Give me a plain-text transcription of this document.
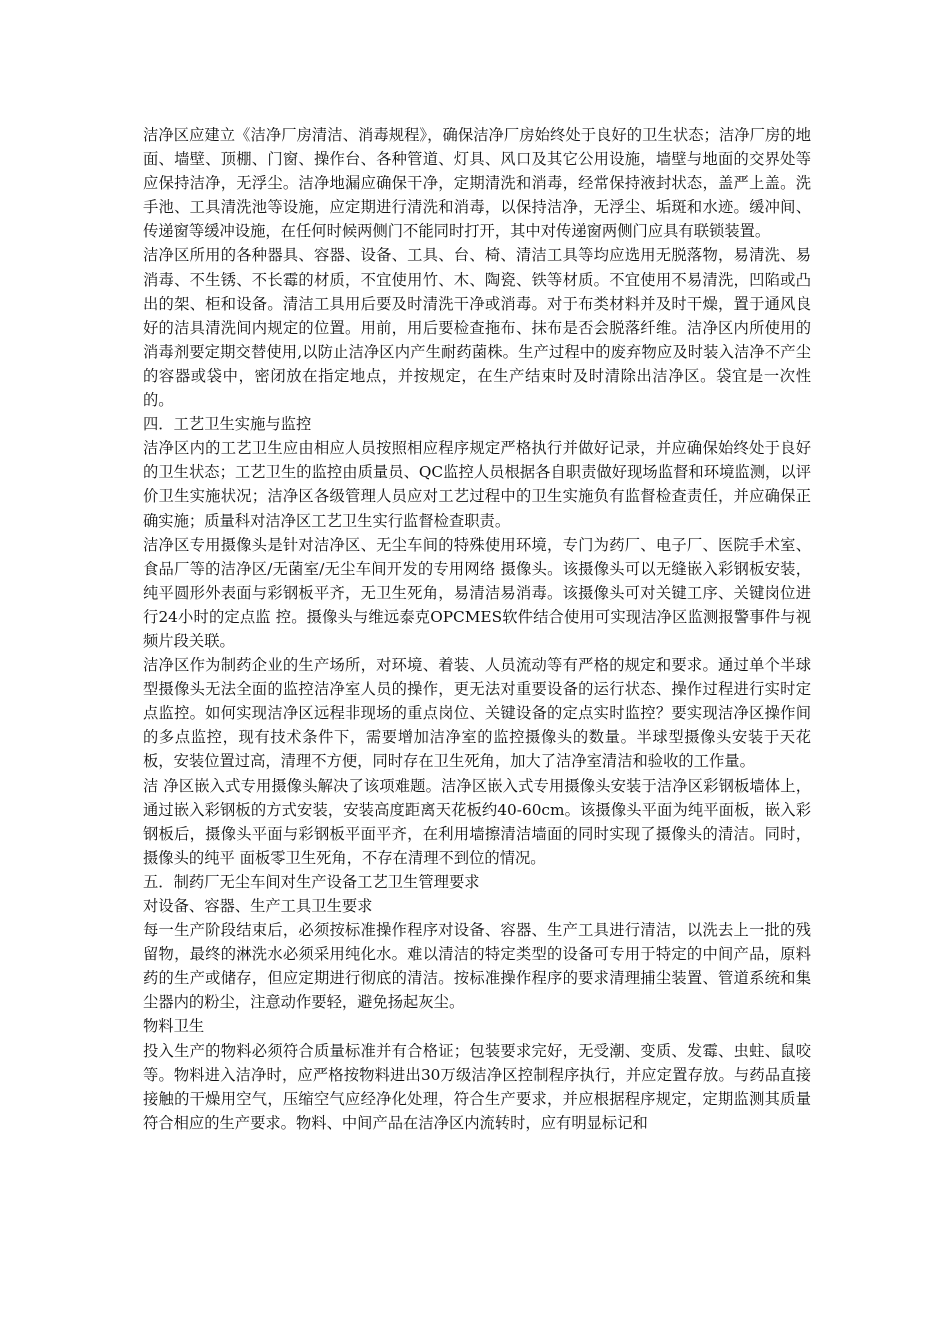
洁净区应建立《洁净厂房清洁、消毒规程》，确保洁净厂房始终处于良好的卫生状态；洁净厂房的地面、墙壁、顶棚、门窗、操作台、各种管道、灯具、风口及其它公用设施，墙壁与地面的交界处等应保持洁净，无浮尘。洁净地漏应确保干净，定期清洗和消毒，经常保持液封状态，盖严上盖。洗手池、工具清洗池等设施，应定期进行清洗和消毒，以保持洁净，无浮尘、垢斑和水迹。缓冲间、传递窗等缓冲设施，在任何时候两侧门不能同时打开，其中对传递窗两侧门应具有联锁装置。

洁净区所用的各种器具、容器、设备、工具、台、椅、清洁工具等均应选用无脱落物，易清洗、易消毒、不生锈、不长霉的材质，不宜使用竹、木、陶瓷、铁等材质。不宜使用不易清洗，凹陷或凸出的架、柜和设备。清洁工具用后要及时清洗干净或消毒。对于布类材料并及时干燥，置于通风良好的洁具清洗间内规定的位置。用前，用后要检查拖布、抹布是否会脱落纤维。洁净区内所使用的消毒剂要定期交替使用,以防止洁净区内产生耐药菌株。生产过程中的废弃物应及时装入洁净不产尘的容器或袋中，密闭放在指定地点，并按规定，在生产结束时及时清除出洁净区。袋宜是一次性的。

四．工艺卫生实施与监控

洁净区内的工艺卫生应由相应人员按照相应程序规定严格执行并做好记录，并应确保始终处于良好的卫生状态；工艺卫生的监控由质量员、QC监控人员根据各自职责做好现场监督和环境监测，以评价卫生实施状况；洁净区各级管理人员应对工艺过程中的卫生实施负有监督检查责任，并应确保正确实施；质量科对洁净区工艺卫生实行监督检查职责。

洁净区专用摄像头是针对洁净区、无尘车间的特殊使用环境，专门为药厂、电子厂、医院手术室、食品厂等的洁净区/无菌室/无尘车间开发的专用网络 摄像头。该摄像头可以无缝嵌入彩钢板安装，纯平圆形外表面与彩钢板平齐，无卫生死角，易清洁易消毒。该摄像头可对关键工序、关键岗位进行24小时的定点监 控。摄像头与维远泰克OPCMES软件结合使用可实现洁净区监测报警事件与视频片段关联。

洁净区作为制药企业的生产场所，对环境、着装、人员流动等有严格的规定和要求。通过单个半球型摄像头无法全面的监控洁净室人员的操作，更无法对重要设备的运行状态、操作过程进行实时定点监控。如何实现洁净区远程非现场的重点岗位、关键设备的定点实时监控？要实现洁净区操作间的多点监控，现有技术条件下，需要增加洁净室的监控摄像头的数量。半球型摄像头安装于天花板，安装位置过高，清理不方便，同时存在卫生死角，加大了洁净室清洁和验收的工作量。

洁 净区嵌入式专用摄像头解决了该项难题。洁净区嵌入式专用摄像头安装于洁净区彩钢板墙体上，通过嵌入彩钢板的方式安装，安装高度距离天花板约40-60cm。该摄像头平面为纯平面板，嵌入彩钢板后，摄像头平面与彩钢板平面平齐，在利用墙擦清洁墙面的同时实现了摄像头的清洁。同时，摄像头的纯平 面板零卫生死角，不存在清理不到位的情况。

五．制药厂无尘车间对生产设备工艺卫生管理要求

对设备、容器、生产工具卫生要求

每一生产阶段结束后，必须按标准操作程序对设备、容器、生产工具进行清洁，以洗去上一批的残留物，最终的淋洗水必须采用纯化水。难以清洁的特定类型的设备可专用于特定的中间产品，原料药的生产或储存，但应定期进行彻底的清洁。按标准操作程序的要求清理捕尘装置、管道系统和集尘器内的粉尘，注意动作要轻，避免扬起灰尘。

物料卫生

投入生产的物料必须符合质量标准并有合格证；包装要求完好，无受潮、变质、发霉、虫蛀、鼠咬等。物料进入洁净时，应严格按物料进出30万级洁净区控制程序执行，并应定置存放。与药品直接接触的干燥用空气，压缩空气应经净化处理，符合生产要求，并应根据程序规定，定期监测其质量符合相应的生产要求。物料、中间产品在洁净区内流转时，应有明显标记和
